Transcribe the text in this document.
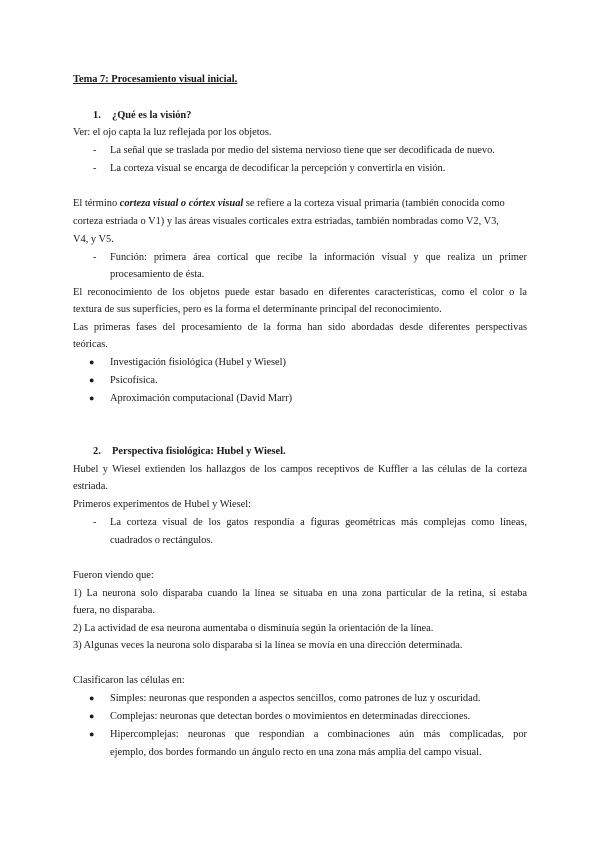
Tema 7: Procesamiento visual inicial.
1. ¿Qué es la visión?
Ver: el ojo capta la luz reflejada por los objetos.
- La señal que se traslada por medio del sistema nervioso tiene que ser decodificada de nuevo.
- La corteza visual se encarga de decodificar la percepción y convertirla en visión.
El término corteza visual o córtex visual se refiere a la corteza visual primaria (también conocida como
corteza estriada o V1) y las áreas visuales corticales extra estriadas, también nombradas como V2, V3,
V4, y V5.
- Función: primera área cortical que recibe la información visual y que realiza un primer
procesamiento de ésta.
El reconocimiento de los objetos puede estar basado en diferentes características, como el color o la
textura de sus superficies, pero es la forma el determinante principal del reconocimiento.
Las primeras fases del procesamiento de la forma han sido abordadas desde diferentes perspectivas
teóricas.
● Investigación fisiológica (Hubel y Wiesel)
● Psicofísica.
● Aproximación computacional (David Marr)
2. Perspectiva fisiológica: Hubel y Wiesel.
Hubel y Wiesel extienden los hallazgos de los campos receptivos de Kuffler a las células de la corteza
estriada.
Primeros experimentos de Hubel y Wiesel:
- La corteza visual de los gatos respondía a figuras geométricas más complejas como líneas,
cuadrados o rectángulos.
Fueron viendo que:
1) La neurona solo disparaba cuando la línea se situaba en una zona particular de la retina, si estaba
fuera, no disparaba.
2) La actividad de esa neurona aumentaba o disminuía según la orientación de la línea.
3) Algunas veces la neurona solo disparaba si la línea se movía en una dirección determinada.
Clasificaron las células en:
● Simples: neuronas que responden a aspectos sencillos, como patrones de luz y oscuridad.
● Complejas: neuronas que detectan bordes o movimientos en determinadas direcciones.
● Hipercomplejas: neuronas que respondían a combinaciones aún más complicadas, por
ejemplo, dos bordes formando un ángulo recto en una zona más amplia del campo visual.
